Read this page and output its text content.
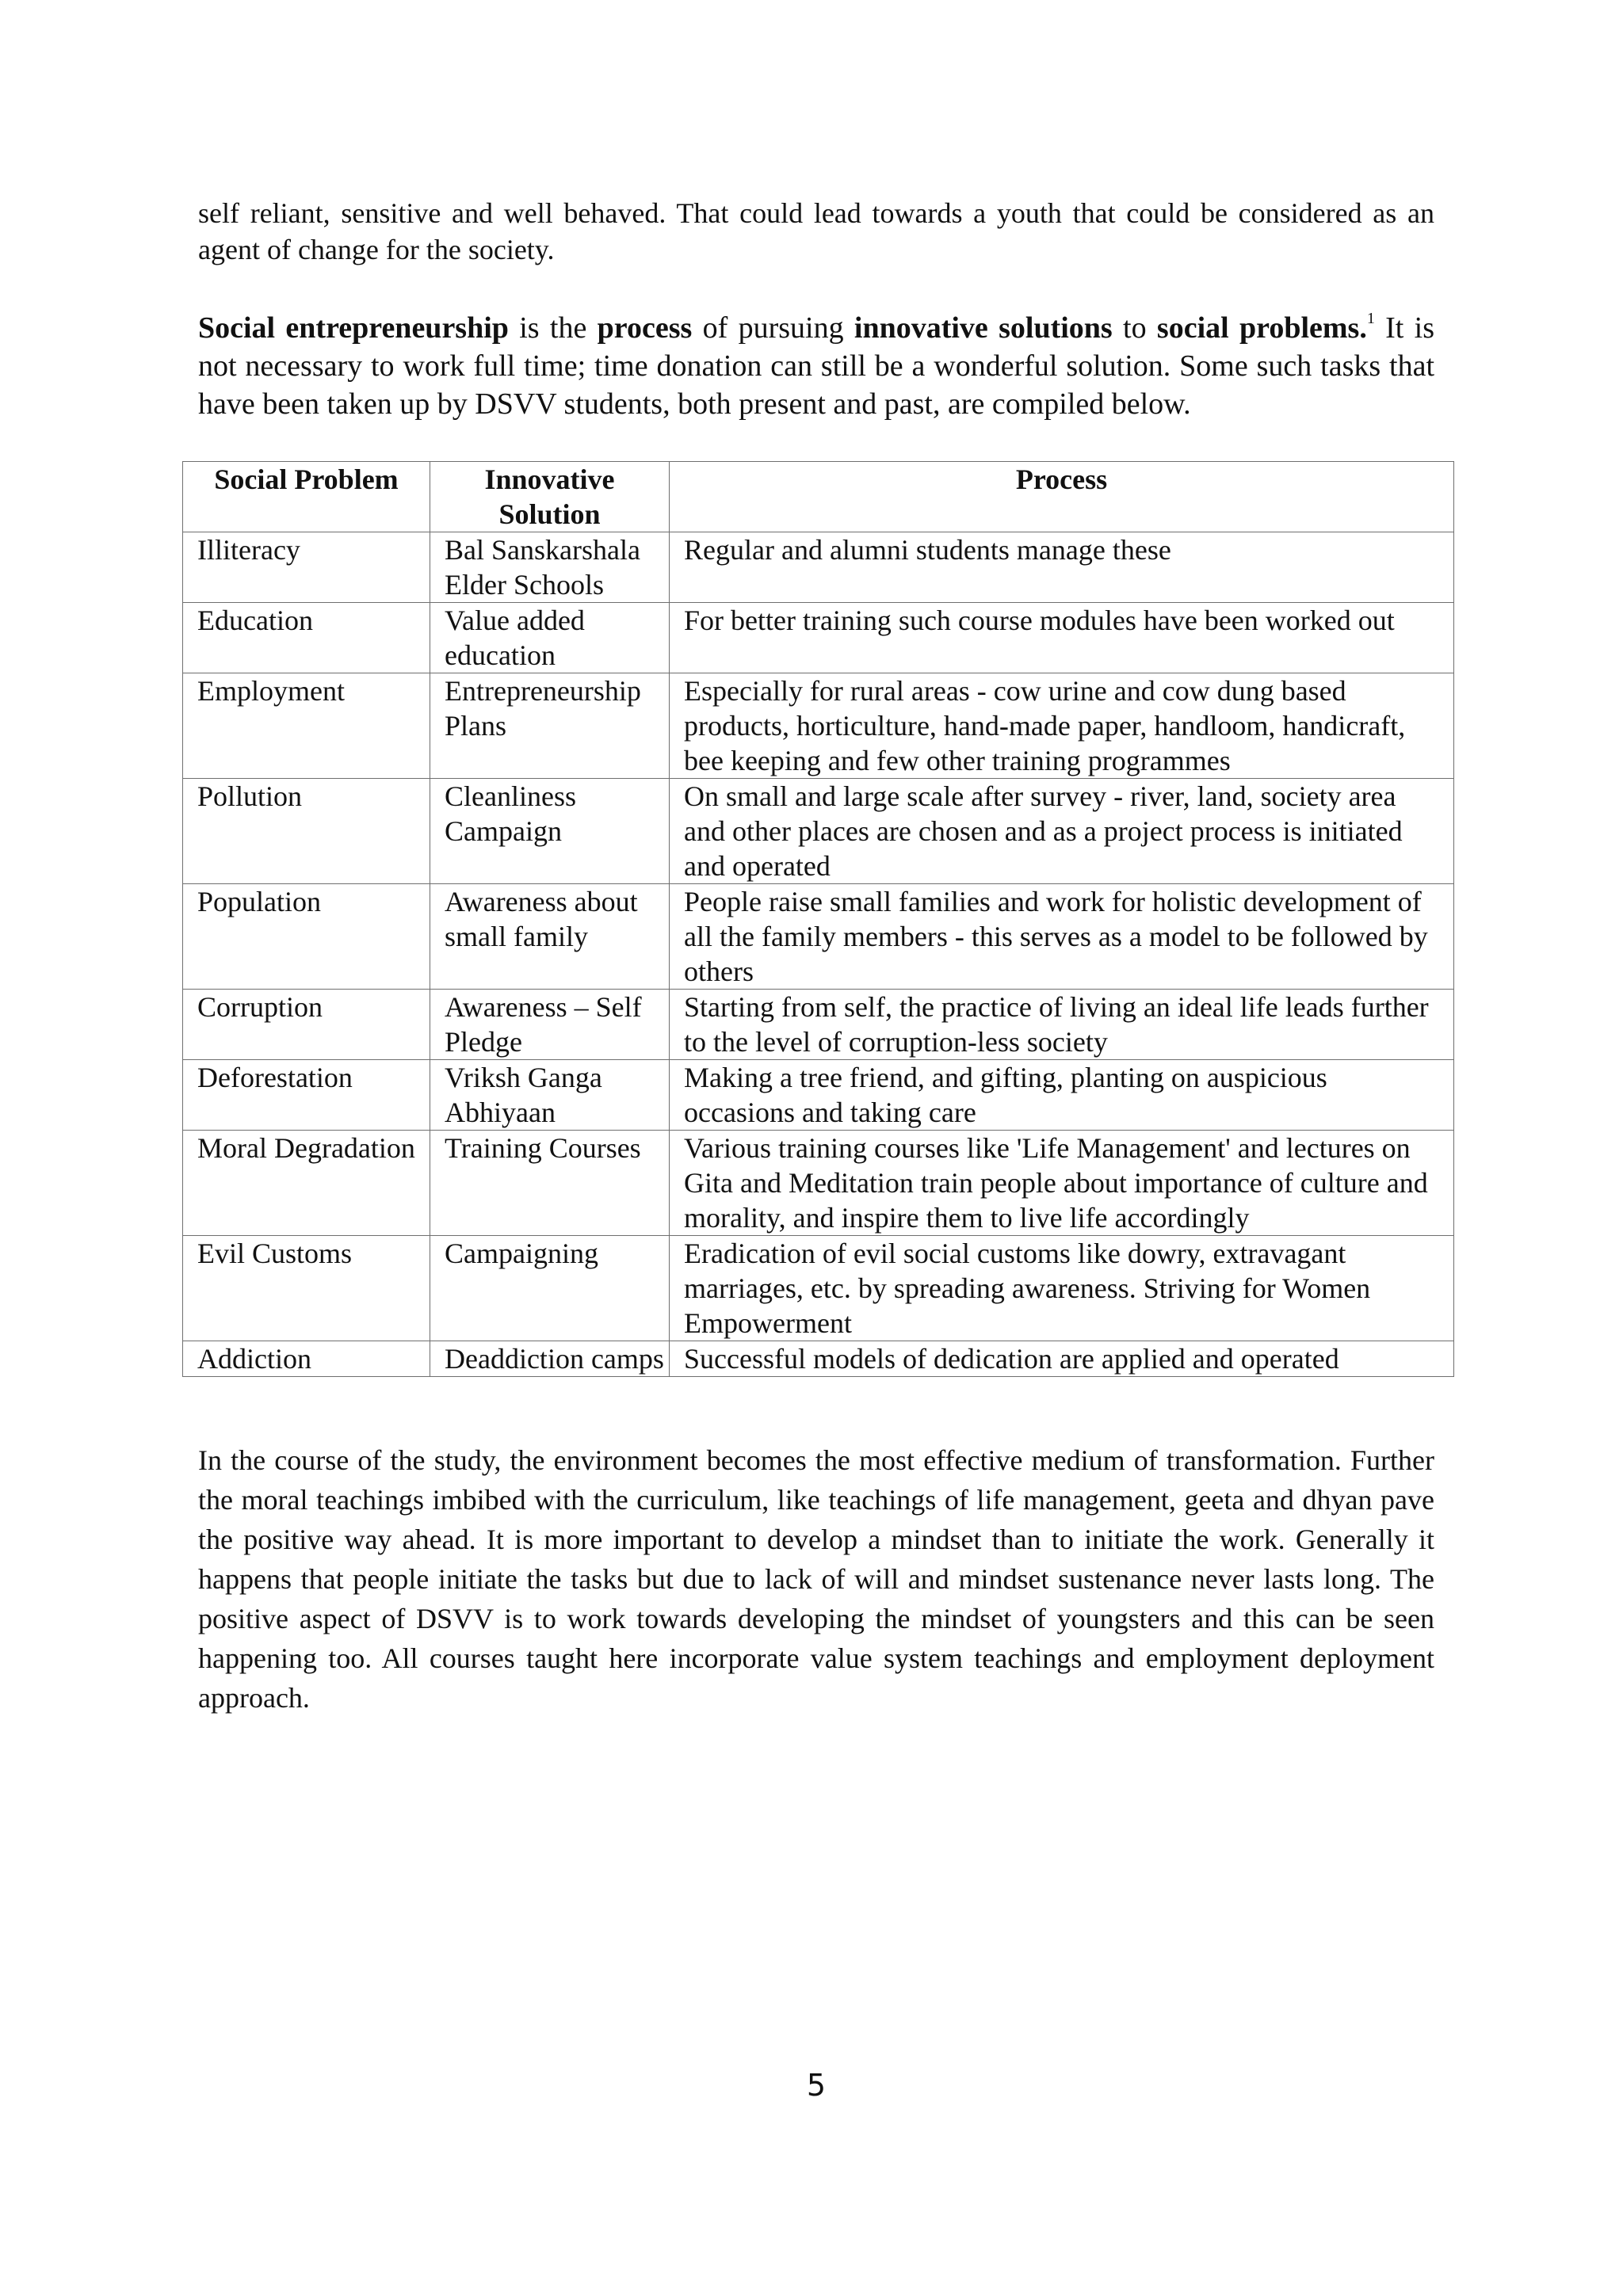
self reliant, sensitive and well behaved. That could lead towards a youth that could be considered as an agent of change for the society.

Social entrepreneurship is the process of pursuing innovative solutions to social problems.$^1$ It is not necessary to work full time; time donation can still be a wonderful solution. Some such tasks that have been taken up by DSVV students, both present and past, are compiled below.

Social Problem	Innovative Solution	Process
Illiteracy	Bal Sanskarshala Elder Schools	Regular and alumni students manage these
Education	Value added education	For better training such course modules have been worked out
Employment	Entrepreneurship Plans	Especially for rural areas - cow urine and cow dung based products, horticulture, hand-made paper, handloom, handicraft, bee keeping and few other training programmes
Pollution	Cleanliness Campaign	On small and large scale after survey - river, land, society area and other places are chosen and as a project process is initiated and operated
Population	Awareness about small family	People raise small families and work for holistic development of all the family members - this serves as a model to be followed by others
Corruption	Awareness – Self Pledge	Starting from self, the practice of living an ideal life leads further to the level of corruption-less society
Deforestation	Vriksh Ganga Abhiyaan	Making a tree friend, and gifting, planting on auspicious occasions and taking care
Moral Degradation	Training Courses	Various training courses like 'Life Management' and lectures on Gita and Meditation train people about importance of culture and morality, and inspire them to live life accordingly
Evil Customs	Campaigning	Eradication of evil social customs like dowry, extravagant marriages, etc. by spreading awareness. Striving for Women Empowerment
Addiction	Deaddiction camps	Successful models of dedication are applied and operated

In the course of the study, the environment becomes the most effective medium of transformation. Further the moral teachings imbibed with the curriculum, like teachings of life management, geeta and dhyan pave the positive way ahead. It is more important to develop a mindset than to initiate the work. Generally it happens that people initiate the tasks but due to lack of will and mindset sustenance never lasts long. The positive aspect of DSVV is to work towards developing the mindset of youngsters and this can be seen happening too. All courses taught here incorporate value system teachings and employment deployment approach.

5
